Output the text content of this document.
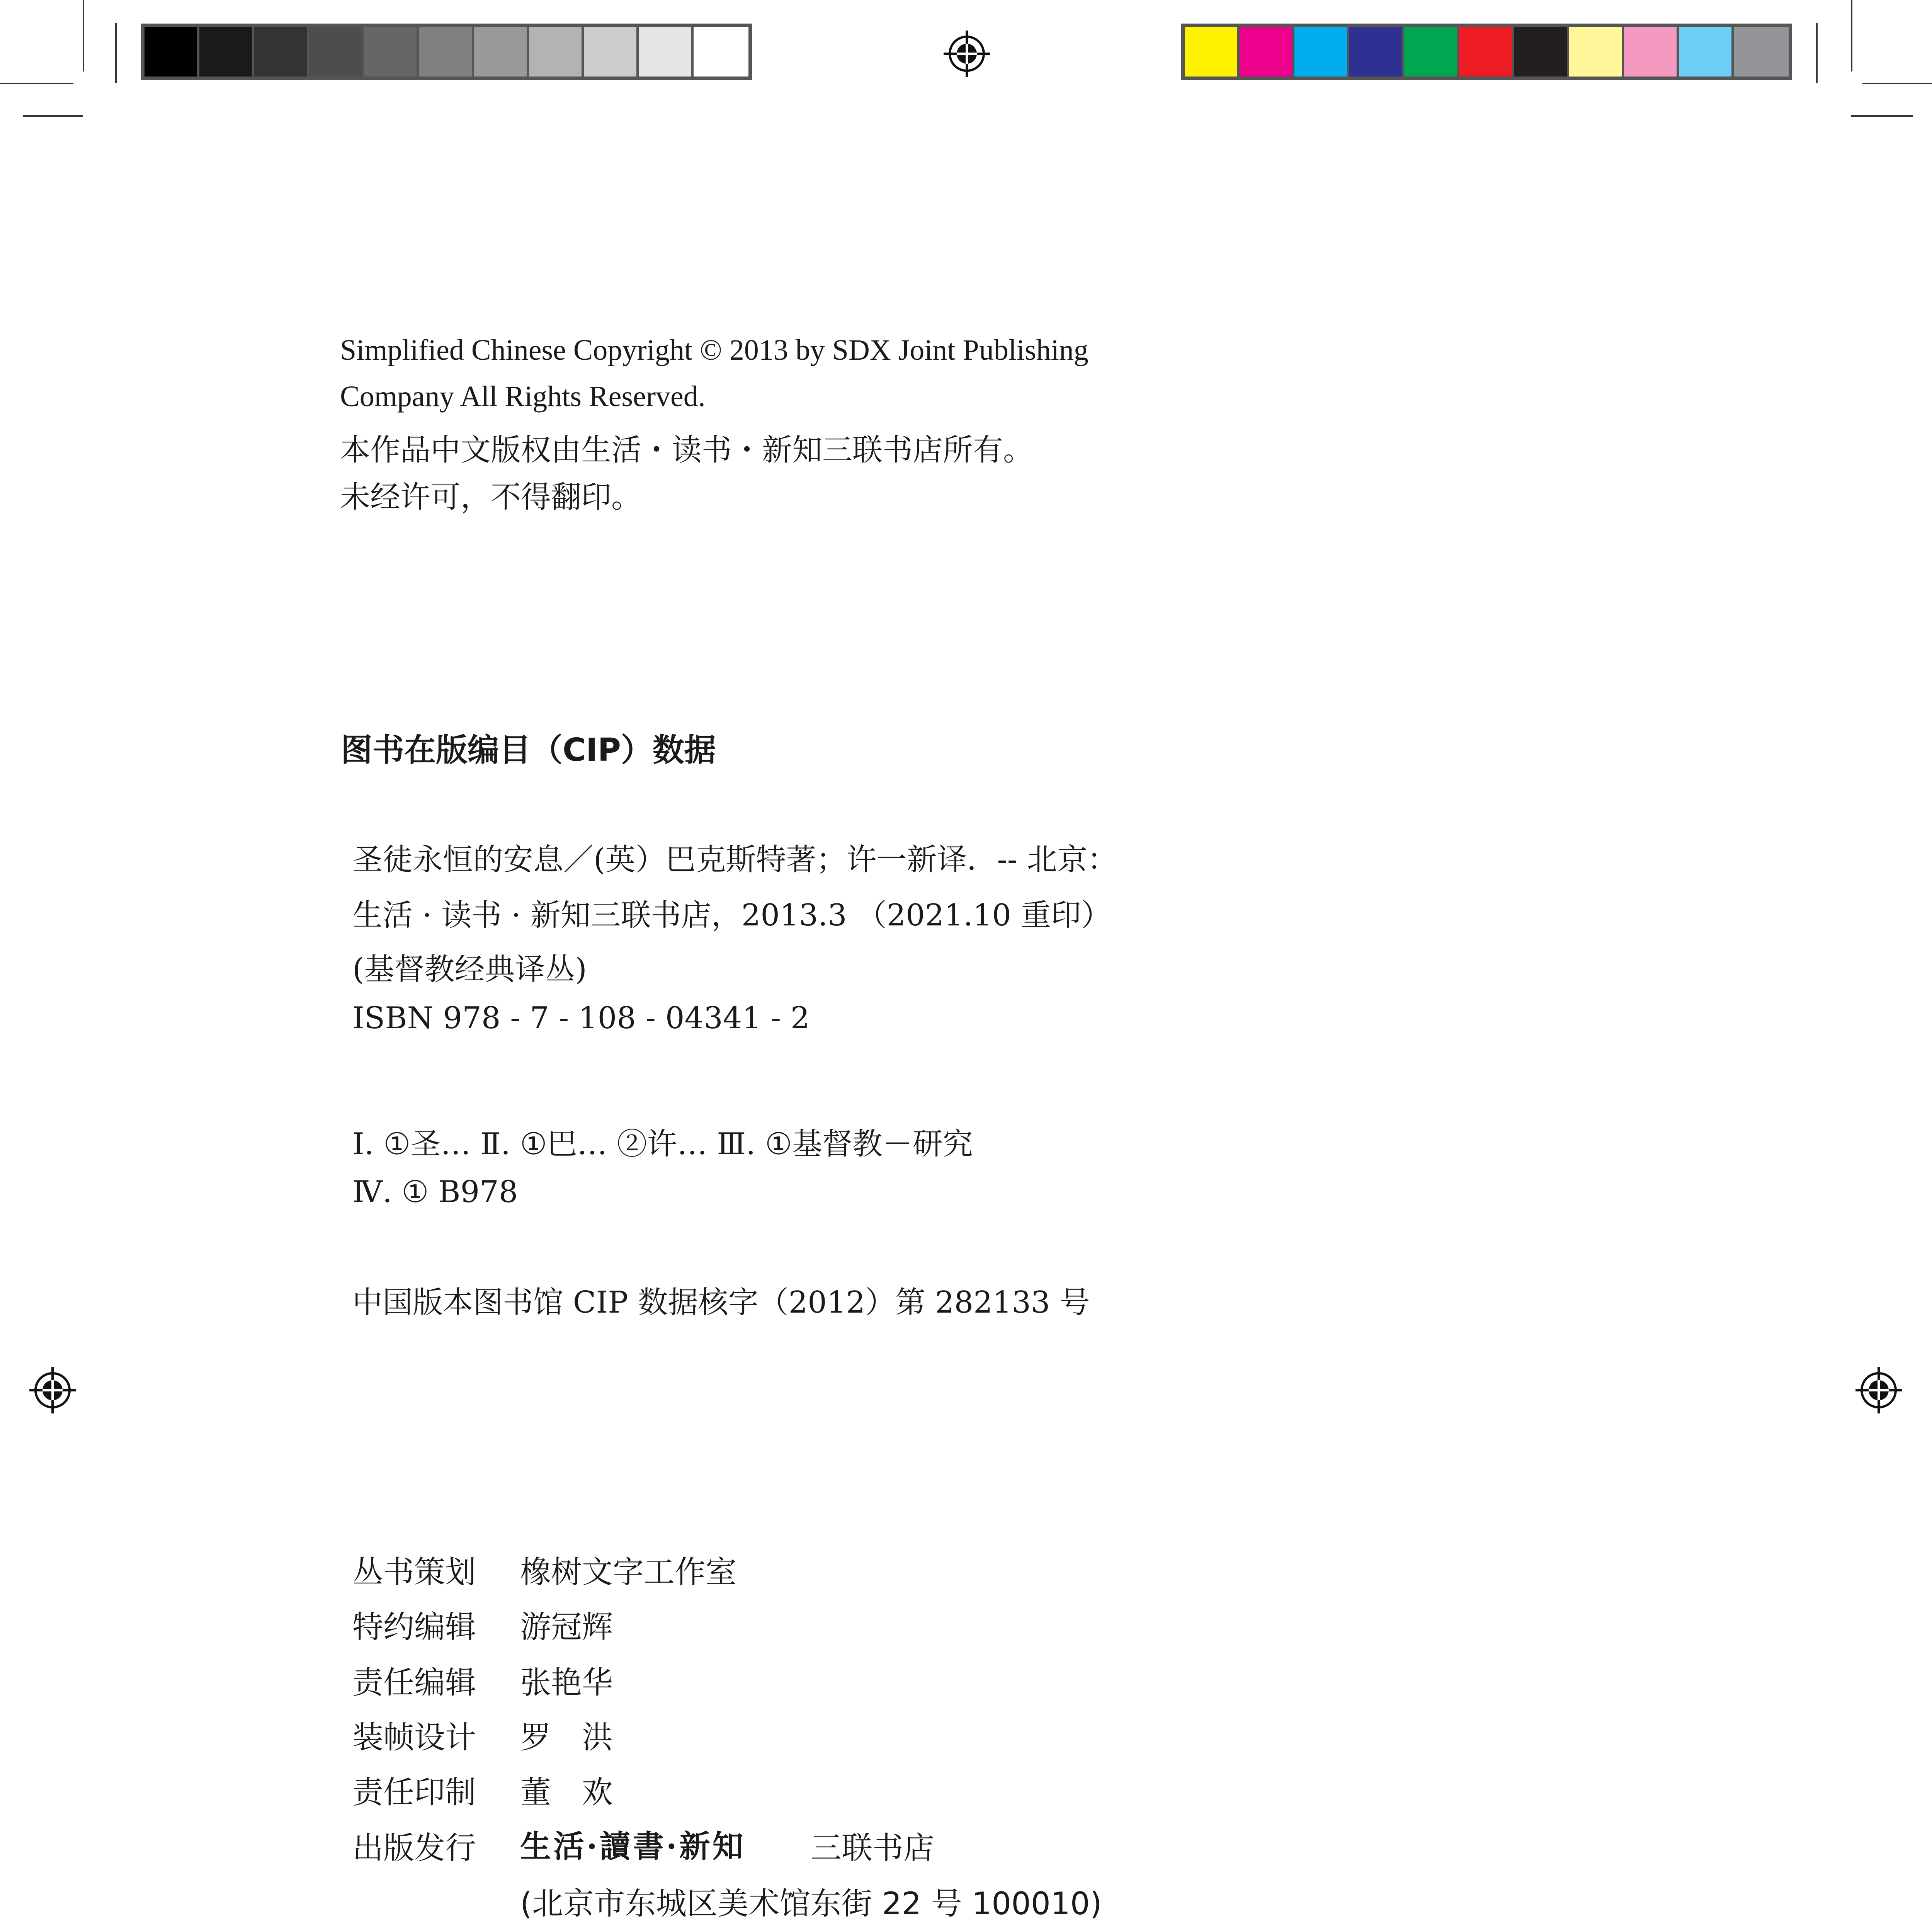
Simplified Chinese Copyright © 2013 by SDX Joint Publishing
Company All Rights Reserved.
本作品中文版权由生活・读书・新知三联书店所有。
未经许可，不得翻印。
图书在版编目（CIP）数据
圣徒永恒的安息／(英）巴克斯特著；许一新译．-- 北京：
生活 · 读书 · 新知三联书店，2013.3 （2021.10 重印）
(基督教经典译丛)
ISBN 978 - 7 - 108 - 04341 - 2
I. ①圣… Ⅱ. ①巴… ②许… Ⅲ. ①基督教－研究
Ⅳ. ① B978
中国版本图书馆 CIP 数据核字（2012）第 282133 号
丛书策划 橡树文字工作室
特约编辑 游冠辉
责任编辑 张艳华
装帧设计 罗　洪
责任印制 董　欢
出版发行 生活·讀書·新知 三联书店
(北京市东城区美术馆东街 22 号 100010)
